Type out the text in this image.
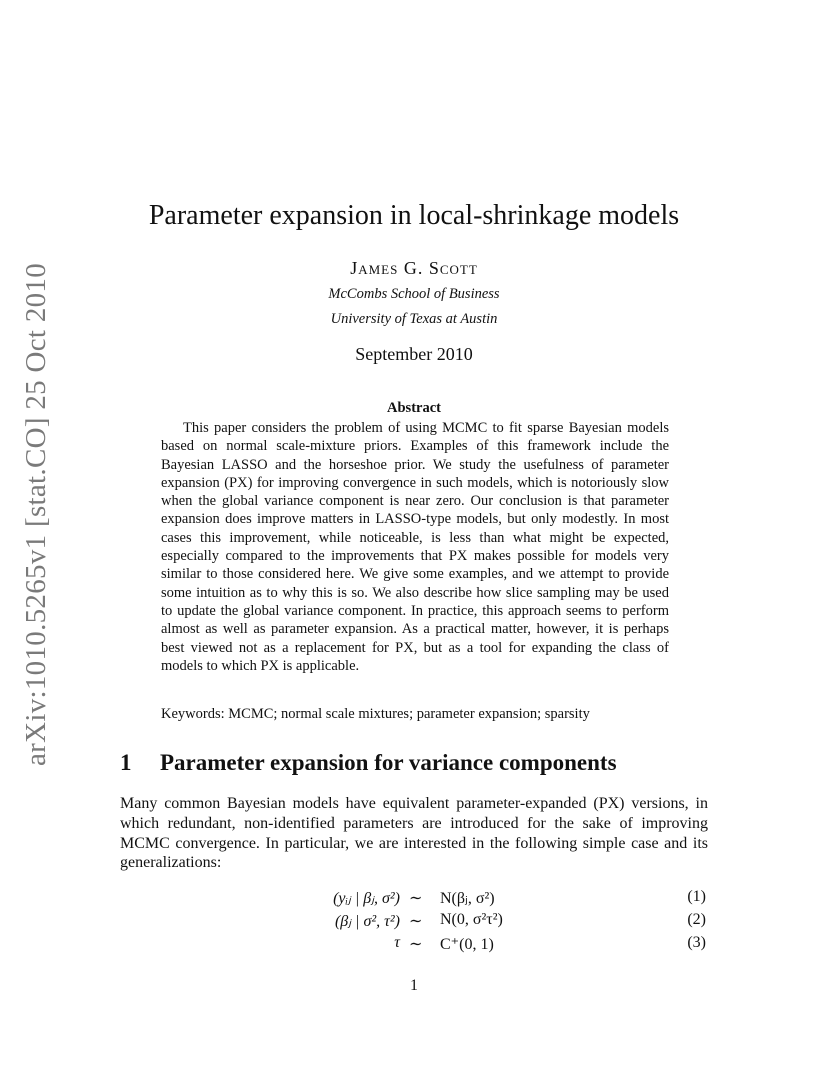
arXiv:1010.5265v1 [stat.CO] 25 Oct 2010
Parameter expansion in local-shrinkage models
James G. Scott
McCombs School of Business
University of Texas at Austin
September 2010
Abstract
This paper considers the problem of using MCMC to fit sparse Bayesian models based on normal scale-mixture priors. Examples of this framework include the Bayesian LASSO and the horseshoe prior. We study the usefulness of parameter expansion (PX) for improving convergence in such models, which is notoriously slow when the global variance component is near zero. Our conclusion is that parameter expansion does improve matters in LASSO-type models, but only modestly. In most cases this improvement, while noticeable, is less than what might be expected, especially compared to the improvements that PX makes possible for models very similar to those considered here. We give some examples, and we attempt to provide some intuition as to why this is so. We also describe how slice sampling may be used to update the global variance component. In practice, this approach seems to perform almost as well as parameter expansion. As a practical matter, however, it is perhaps best viewed not as a replacement for PX, but as a tool for expanding the class of models to which PX is applicable.
Keywords: MCMC; normal scale mixtures; parameter expansion; sparsity
1 Parameter expansion for variance components
Many common Bayesian models have equivalent parameter-expanded (PX) versions, in which redundant, non-identified parameters are introduced for the sake of improving MCMC convergence. In particular, we are interested in the following simple case and its generalizations:
(yᵢⱼ | βⱼ, σ²) ∼ N(βⱼ, σ²)	(1)
(βⱼ | σ², τ²) ∼ N(0, σ²τ²)	(2)
τ ∼ C⁺(0, 1)	(3)
1
